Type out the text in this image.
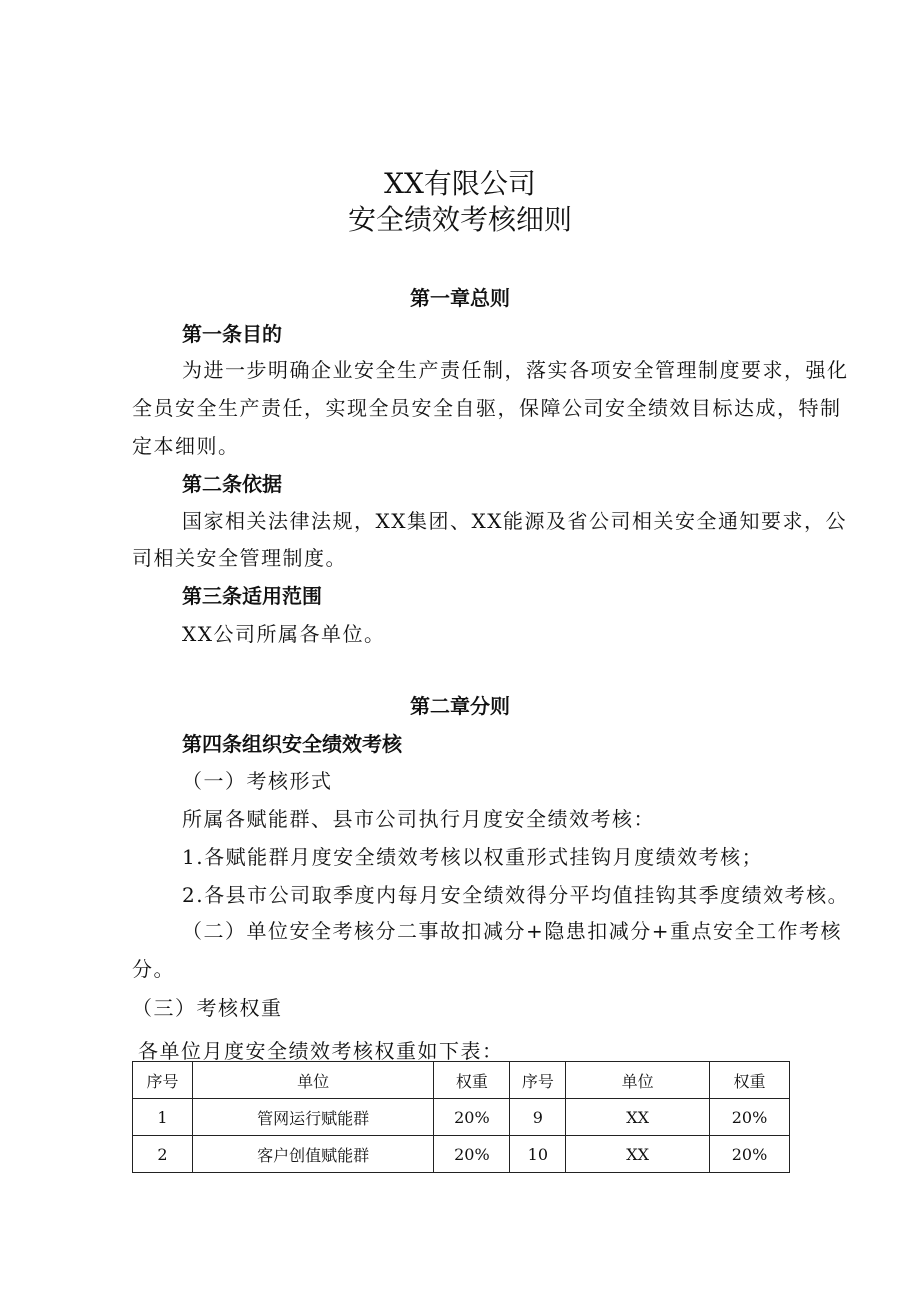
XX有限公司
安全绩效考核细则
第一章总则
第一条目的
为进一步明确企业安全生产责任制，落实各项安全管理制度要求，强化
全员安全生产责任，实现全员安全自驱，保障公司安全绩效目标达成，特制
定本细则。
第二条依据
国家相关法律法规，XX集团、XX能源及省公司相关安全通知要求，公
司相关安全管理制度。
第三条适用范围
XX公司所属各单位。
第二章分则
第四条组织安全绩效考核
（一）考核形式
所属各赋能群、县市公司执行月度安全绩效考核：
1.各赋能群月度安全绩效考核以权重形式挂钩月度绩效考核；
2.各县市公司取季度内每月安全绩效得分平均值挂钩其季度绩效考核。
（二）单位安全考核分二事故扣减分+隐患扣减分+重点安全工作考核
分。
（三）考核权重
各单位月度安全绩效考核权重如下表：
序号	单位	权重	序号	单位	权重
1	管网运行赋能群	20%	9	XX	20%
2	客户创值赋能群	20%	10	XX	20%
